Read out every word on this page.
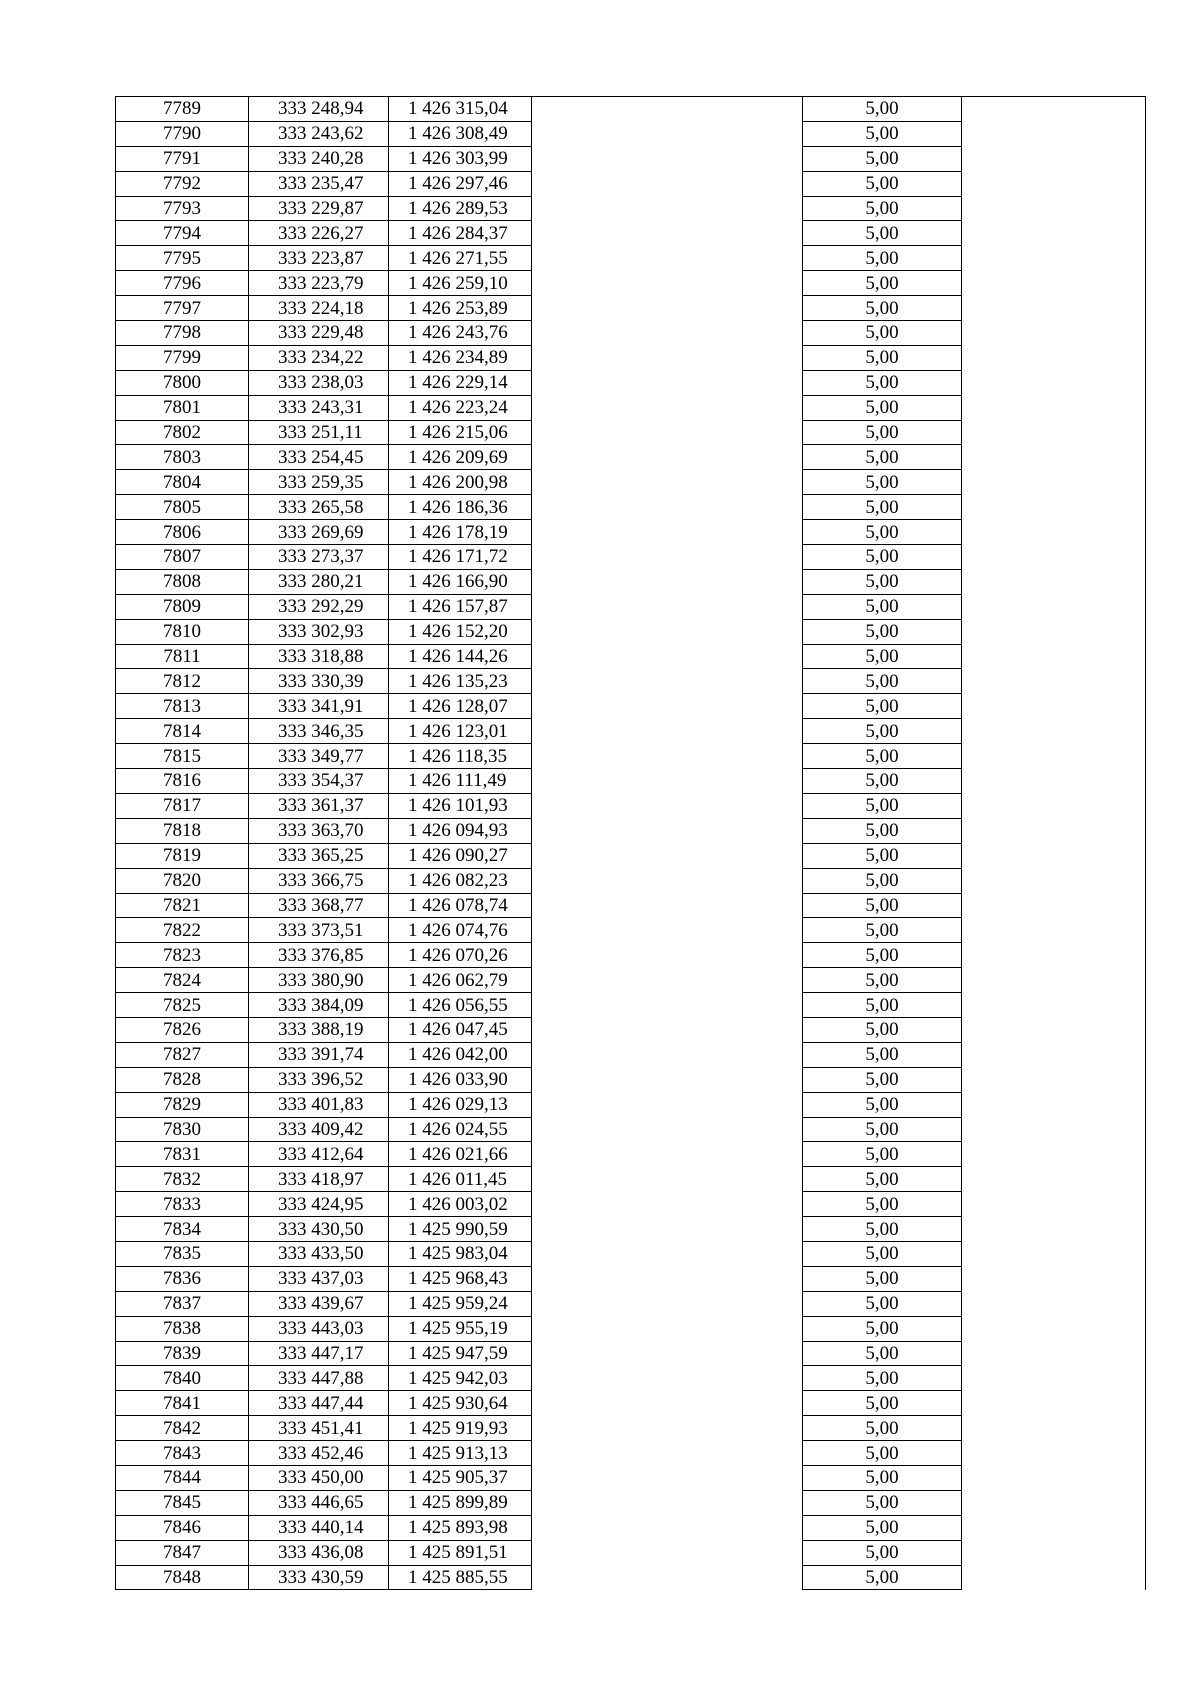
7789	333 248,94	1 426 315,04		5,00	
7790	333 243,62	1 426 308,49		5,00	
7791	333 240,28	1 426 303,99		5,00	
7792	333 235,47	1 426 297,46		5,00	
7793	333 229,87	1 426 289,53		5,00	
7794	333 226,27	1 426 284,37		5,00	
7795	333 223,87	1 426 271,55		5,00	
7796	333 223,79	1 426 259,10		5,00	
7797	333 224,18	1 426 253,89		5,00	
7798	333 229,48	1 426 243,76		5,00	
7799	333 234,22	1 426 234,89		5,00	
7800	333 238,03	1 426 229,14		5,00	
7801	333 243,31	1 426 223,24		5,00	
7802	333 251,11	1 426 215,06		5,00	
7803	333 254,45	1 426 209,69		5,00	
7804	333 259,35	1 426 200,98		5,00	
7805	333 265,58	1 426 186,36		5,00	
7806	333 269,69	1 426 178,19		5,00	
7807	333 273,37	1 426 171,72		5,00	
7808	333 280,21	1 426 166,90		5,00	
7809	333 292,29	1 426 157,87		5,00	
7810	333 302,93	1 426 152,20		5,00	
7811	333 318,88	1 426 144,26		5,00	
7812	333 330,39	1 426 135,23		5,00	
7813	333 341,91	1 426 128,07		5,00	
7814	333 346,35	1 426 123,01		5,00	
7815	333 349,77	1 426 118,35		5,00	
7816	333 354,37	1 426 111,49		5,00	
7817	333 361,37	1 426 101,93		5,00	
7818	333 363,70	1 426 094,93		5,00	
7819	333 365,25	1 426 090,27		5,00	
7820	333 366,75	1 426 082,23		5,00	
7821	333 368,77	1 426 078,74		5,00	
7822	333 373,51	1 426 074,76		5,00	
7823	333 376,85	1 426 070,26		5,00	
7824	333 380,90	1 426 062,79		5,00	
7825	333 384,09	1 426 056,55		5,00	
7826	333 388,19	1 426 047,45		5,00	
7827	333 391,74	1 426 042,00		5,00	
7828	333 396,52	1 426 033,90		5,00	
7829	333 401,83	1 426 029,13		5,00	
7830	333 409,42	1 426 024,55		5,00	
7831	333 412,64	1 426 021,66		5,00	
7832	333 418,97	1 426 011,45		5,00	
7833	333 424,95	1 426 003,02		5,00	
7834	333 430,50	1 425 990,59		5,00	
7835	333 433,50	1 425 983,04		5,00	
7836	333 437,03	1 425 968,43		5,00	
7837	333 439,67	1 425 959,24		5,00	
7838	333 443,03	1 425 955,19		5,00	
7839	333 447,17	1 425 947,59		5,00	
7840	333 447,88	1 425 942,03		5,00	
7841	333 447,44	1 425 930,64		5,00	
7842	333 451,41	1 425 919,93		5,00	
7843	333 452,46	1 425 913,13		5,00	
7844	333 450,00	1 425 905,37		5,00	
7845	333 446,65	1 425 899,89		5,00	
7846	333 440,14	1 425 893,98		5,00	
7847	333 436,08	1 425 891,51		5,00	
7848	333 430,59	1 425 885,55		5,00	
